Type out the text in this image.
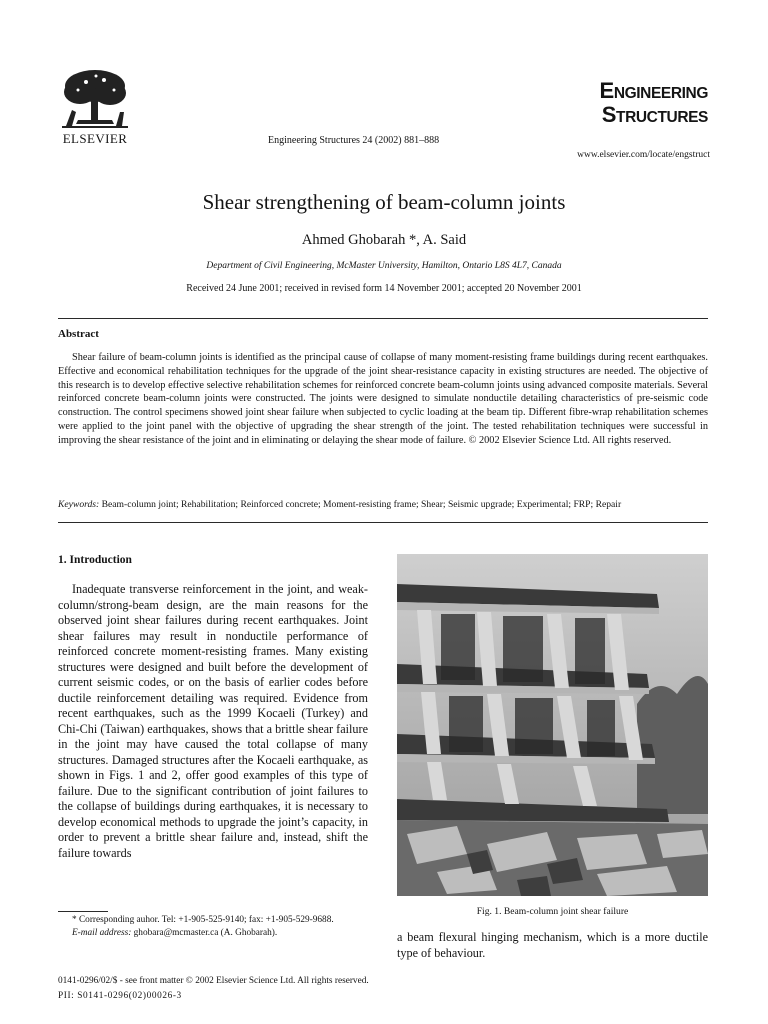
ELSEVIER	Engineering Structures 24 (2002) 881–888
ENGINEERING
STRUCTURES
www.elsevier.com/locate/engstruct
Shear strengthening of beam-column joints
Ahmed Ghobarah *, A. Said
Department of Civil Engineering, McMaster University, Hamilton, Ontario L8S 4L7, Canada
Received 24 June 2001; received in revised form 14 November 2001; accepted 20 November 2001
Abstract

Shear failure of beam-column joints is identified as the principal cause of collapse of many moment-resisting frame buildings during recent earthquakes. Effective and economical rehabilitation techniques for the upgrade of the joint shear-resistance capacity in existing structures are needed. The objective of this research is to develop effective selective rehabilitation schemes for reinforced concrete beam-column joints using advanced composite materials. Several reinforced concrete beam-column joints were constructed. The joints were designed to simulate nonductile detailing characteristics of pre-seismic code construction. The control specimens showed joint shear failure when subjected to cyclic loading at the beam tip. Different fibre-wrap rehabilitation schemes were applied to the joint panel with the objective of upgrading the shear strength of the joint. The tested rehabilitation techniques were successful in improving the shear resistance of the joint and in eliminating or delaying the shear mode of failure. © 2002 Elsevier Science Ltd. All rights reserved.

Keywords: Beam-column joint; Rehabilitation; Reinforced concrete; Moment-resisting frame; Shear; Seismic upgrade; Experimental; FRP; Repair
1. Introduction

Inadequate transverse reinforcement in the joint, and weak-column/strong-beam design, are the main reasons for the observed joint shear failures during recent earthquakes. Joint shear failures may result in nonductile performance of reinforced concrete moment-resisting frames. Many existing structures were designed and built before the development of current seismic codes, or on the basis of earlier codes before ductile reinforcement detailing was required. Evidence from recent earthquakes, such as the 1999 Kocaeli (Turkey) and Chi-Chi (Taiwan) earthquakes, shows that a brittle shear failure in the joint may have caused the total collapse of many structures. Damaged structures after the Kocaeli earthquake, as shown in Figs. 1 and 2, offer good examples of this type of failure. Due to the significant contribution of joint failures to the collapse of buildings during earthquakes, it is necessary to develop economical methods to upgrade the joint’s capacity, in order to prevent a brittle shear failure and, instead, shift the failure towards

* Corresponding auhor. Tel: +1-905-525-9140; fax: +1-905-529-9688.
E-mail address: ghobara@mcmaster.ca (A. Ghobarah).
0141-0296/02/$ - see front matter © 2002 Elsevier Science Ltd. All rights reserved.
PII: S0141-0296(02)00026-3
Fig. 1. Beam-column joint shear failure

a beam flexural hinging mechanism, which is a more ductile type of behaviour.
